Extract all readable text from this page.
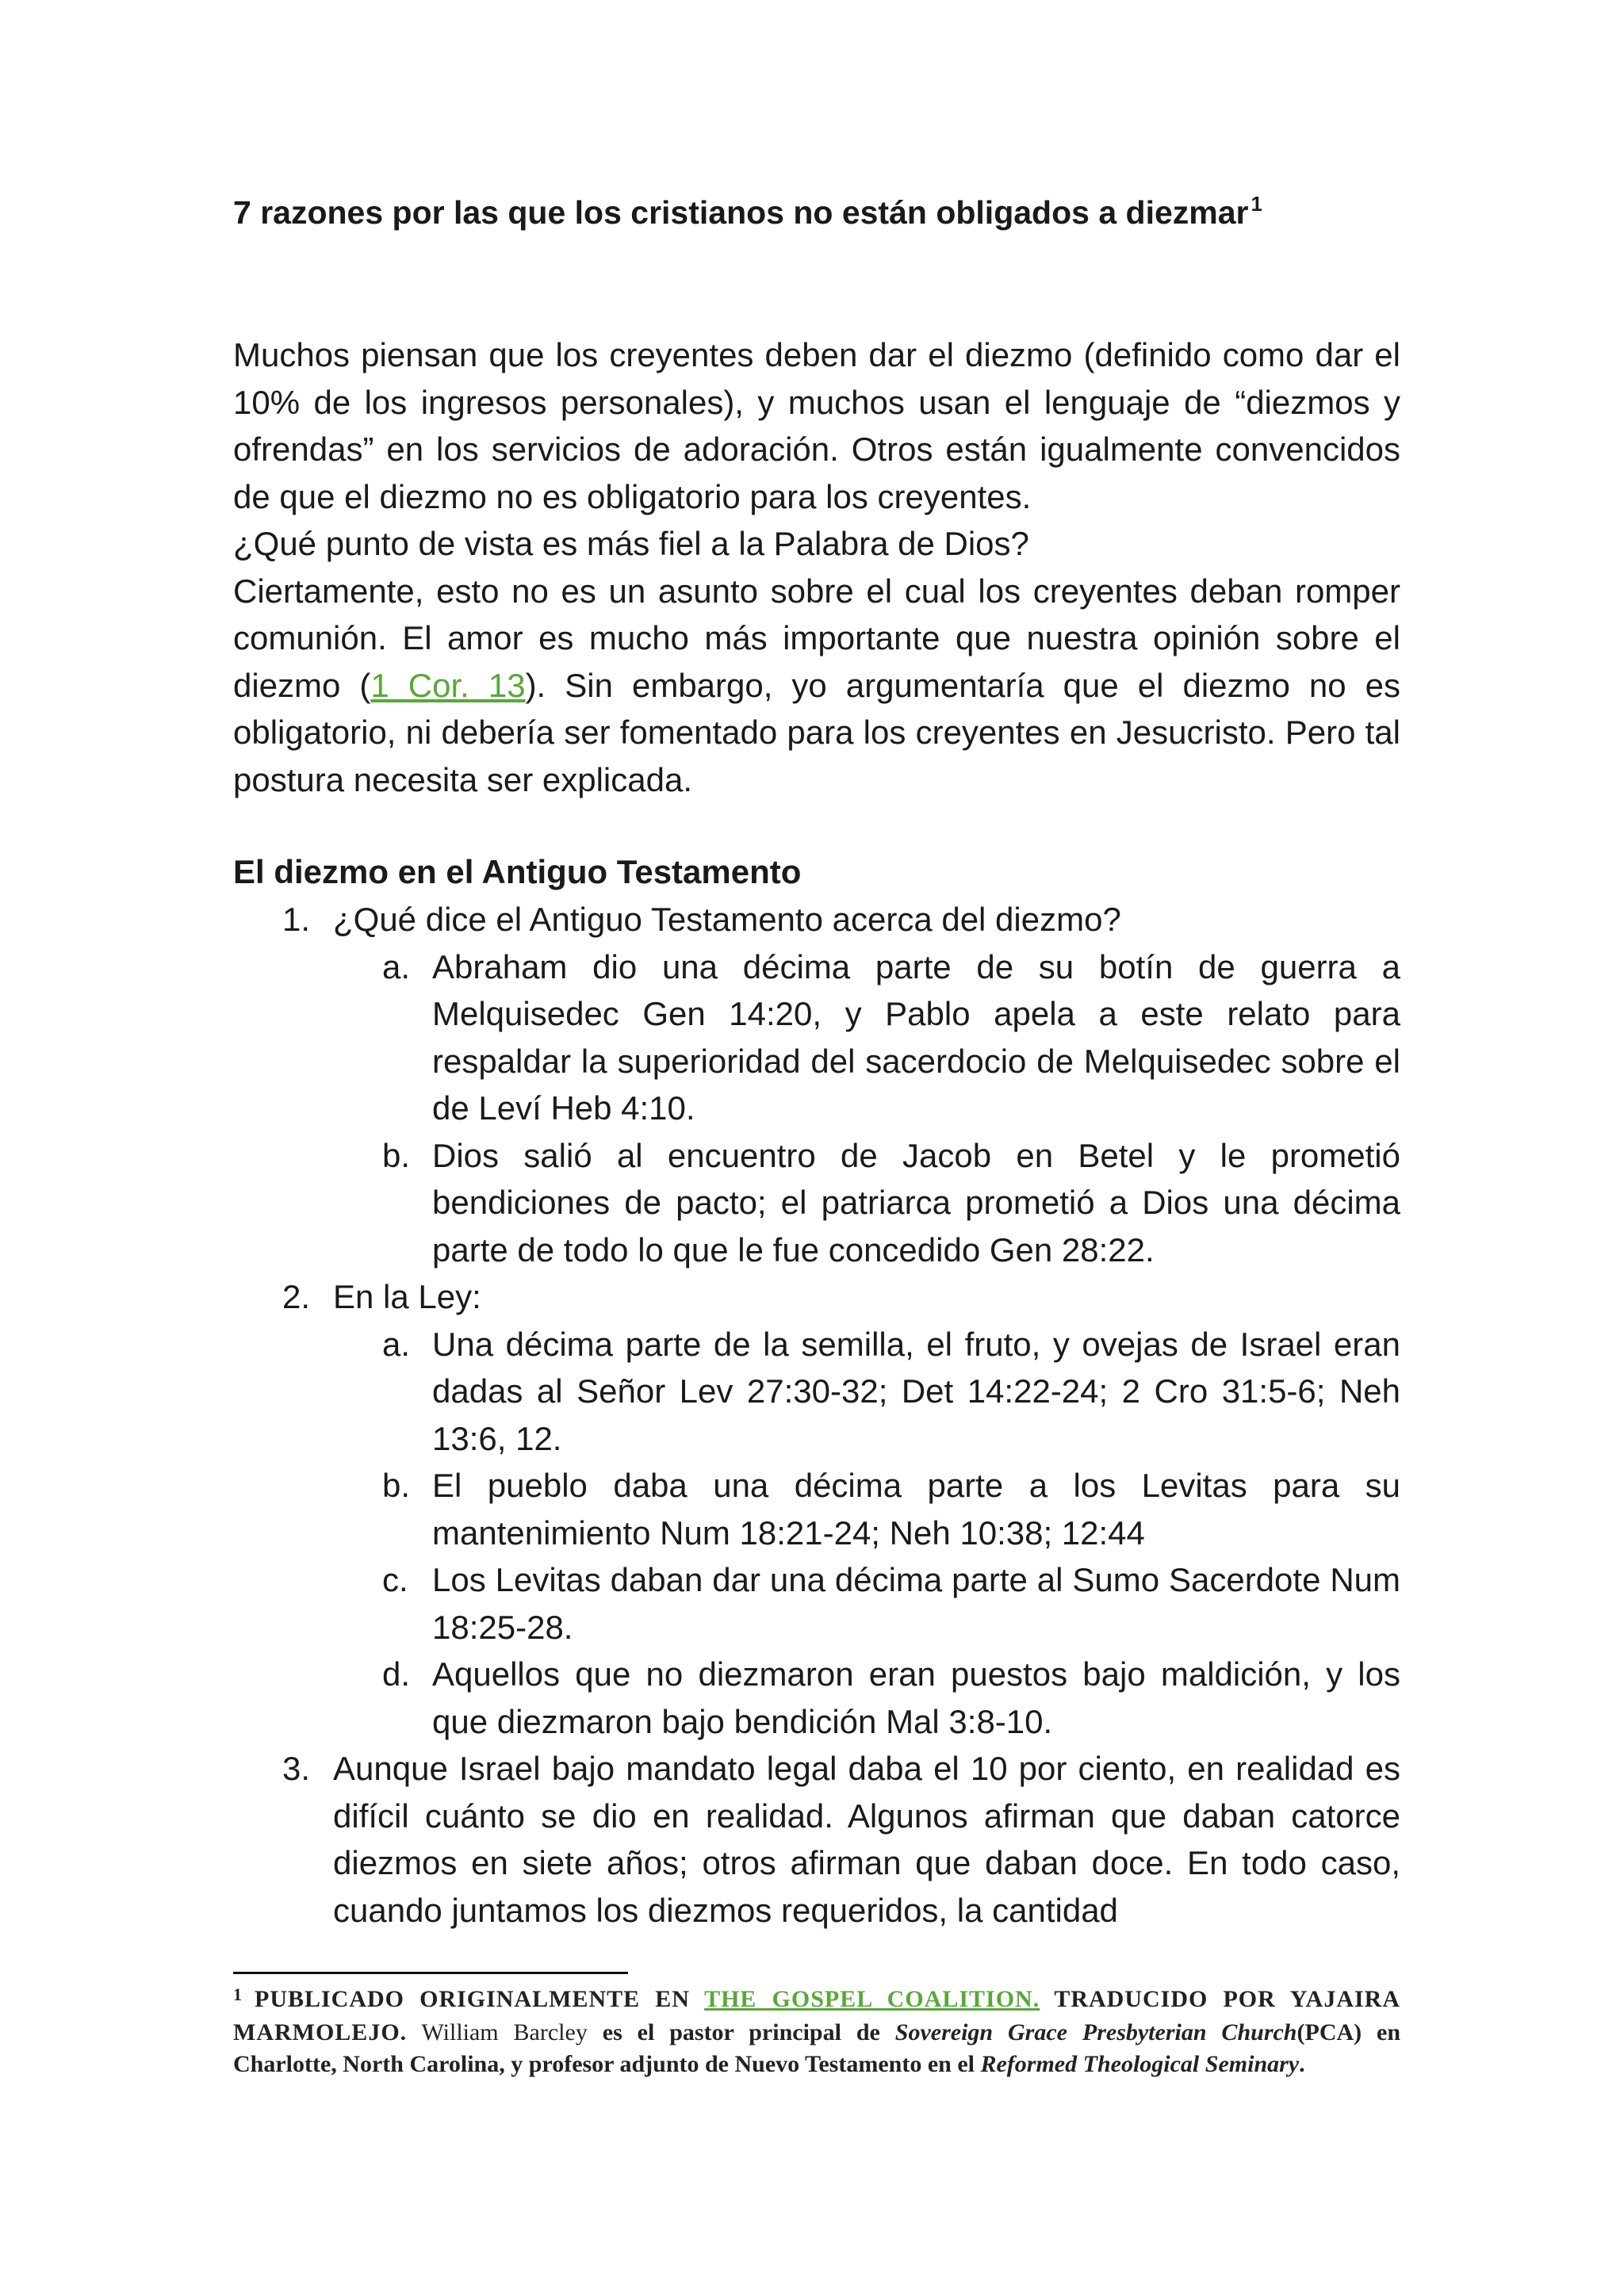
7 razones por las que los cristianos no están obligados a diezmar $^1$

Muchos piensan que los creyentes deben dar el diezmo (definido como dar el 10% de los ingresos personales), y muchos usan el lenguaje de “diezmos y ofrendas” en los servicios de adoración. Otros están igualmente convencidos de que el diezmo no es obligatorio para los creyentes.

¿Qué punto de vista es más fiel a la Palabra de Dios?

Ciertamente, esto no es un asunto sobre el cual los creyentes deban romper comunión. El amor es mucho más importante que nuestra opinión sobre el diezmo (1 Cor. 13). Sin embargo, yo argumentaría que el diezmo no es obligatorio, ni debería ser fomentado para los creyentes en Jesucristo. Pero tal postura necesita ser explicada.

El diezmo en el Antiguo Testamento
1. ¿Qué dice el Antiguo Testamento acerca del diezmo?
a. Abraham dio una décima parte de su botín de guerra a Melquisedec Gen 14:20, y Pablo apela a este relato para respaldar la superioridad del sacerdocio de Melquisedec sobre el de Leví Heb 4:10.
b. Dios salió al encuentro de Jacob en Betel y le prometió bendiciones de pacto; el patriarca prometió a Dios una décima parte de todo lo que le fue concedido Gen 28:22.
2. En la Ley:
a. Una décima parte de la semilla, el fruto, y ovejas de Israel eran dadas al Señor Lev 27:30-32; Det 14:22-24; 2 Cro 31:5-6; Neh 13:6, 12.
b. El pueblo daba una décima parte a los Levitas para su mantenimiento Num 18:21-24; Neh 10:38; 12:44
c. Los Levitas daban dar una décima parte al Sumo Sacerdote Num 18:25-28.
d. Aquellos que no diezmaron eran puestos bajo maldición, y los que diezmaron bajo bendición Mal 3:8-10.
3. Aunque Israel bajo mandato legal daba el 10 por ciento, en realidad es difícil cuánto se dio en realidad. Algunos afirman que daban catorce diezmos en siete años; otros afirman que daban doce. En todo caso, cuando juntamos los diezmos requeridos, la cantidad
$^1$ PUBLICADO ORIGINALMENTE EN THE GOSPEL COALITION. TRADUCIDO POR YAJAIRA MARMOLEJO. William Barcley es el pastor principal de Sovereign Grace Presbyterian Church(PCA) en Charlotte, North Carolina, y profesor adjunto de Nuevo Testamento en el Reformed Theological Seminary.
